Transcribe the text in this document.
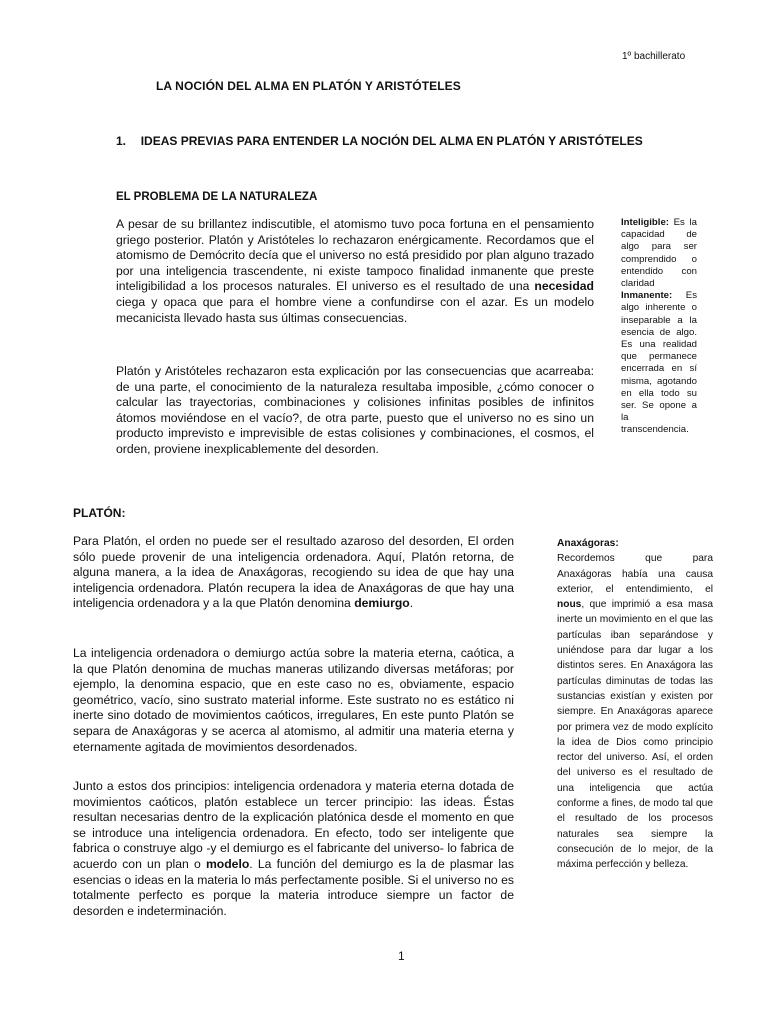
1º bachillerato
LA NOCIÓN DEL ALMA EN PLATÓN Y ARISTÓTELES
1. IDEAS PREVIAS PARA ENTENDER LA NOCIÓN DEL ALMA EN PLATÓN Y ARISTÓTELES
EL PROBLEMA DE LA NATURALEZA

A pesar de su brillantez indiscutible, el atomismo tuvo poca fortuna en el pensamiento griego posterior. Platón y Aristóteles lo rechazaron enérgicamente. Recordamos que el atomismo de Demócrito decía que el universo no está presidido por plan alguno trazado por una inteligencia trascendente, ni existe tampoco finalidad inmanente que preste inteligibilidad a los procesos naturales. El universo es el resultado de una necesidad ciega y opaca que para el hombre viene a confundirse con el azar. Es un modelo mecanicista llevado hasta sus últimas consecuencias.

Platón y Aristóteles rechazaron esta explicación por las consecuencias que acarreaba: de una parte, el conocimiento de la naturaleza resultaba imposible, ¿cómo conocer o calcular las trayectorias, combinaciones y colisiones infinitas posibles de infinitos átomos moviéndose en el vacío?, de otra parte, puesto que el universo no es sino un producto imprevisto e imprevisible de estas colisiones y combinaciones, el cosmos, el orden, proviene inexplicablemente del desorden.

Inteligible: Es la capacidad de algo para ser comprendido o entendido con claridad
Inmanente: Es algo inherente o inseparable a la esencia de algo. Es una realidad que permanece encerrada en sí misma, agotando en ella todo su ser. Se opone a la transcendencia.

PLATÓN:

Para Platón, el orden no puede ser el resultado azaroso del desorden, El orden sólo puede provenir de una inteligencia ordenadora. Aquí, Platón retorna, de alguna manera, a la idea de Anaxágoras, recogiendo su idea de que hay una inteligencia ordenadora. Platón recupera la idea de Anaxágoras de que hay una inteligencia ordenadora y a la que Platón denomina demiurgo.

La inteligencia ordenadora o demiurgo actúa sobre la materia eterna, caótica, a la que Platón denomina de muchas maneras utilizando diversas metáforas; por ejemplo, la denomina espacio, que en este caso no es, obviamente, espacio geométrico, vacío, sino sustrato material informe. Este sustrato no es estático ni inerte sino dotado de movimientos caóticos, irregulares, En este punto Platón se separa de Anaxágoras y se acerca al atomismo, al admitir una materia eterna y eternamente agitada de movimientos desordenados.

Junto a estos dos principios: inteligencia ordenadora y materia eterna dotada de movimientos caóticos, platón establece un tercer principio: las ideas. Éstas resultan necesarias dentro de la explicación platónica desde el momento en que se introduce una inteligencia ordenadora. En efecto, todo ser inteligente que fabrica o construye algo -y el demiurgo es el fabricante del universo- lo fabrica de acuerdo con un plan o modelo. La función del demiurgo es la de plasmar las esencias o ideas en la materia lo más perfectamente posible. Si el universo no es totalmente perfecto es porque la materia introduce siempre un factor de desorden e indeterminación.

Anaxágoras:
Recordemos que para Anaxágoras había una causa exterior, el entendimiento, el nous, que imprimió a esa masa inerte un movimiento en el que las partículas iban separándose y uniéndose para dar lugar a los distintos seres. En Anaxágora las partículas diminutas de todas las sustancias existían y existen por siempre. En Anaxágoras aparece por primera vez de modo explícito la idea de Dios como principio rector del universo. Así, el orden del universo es el resultado de una inteligencia que actúa conforme a fines, de modo tal que el resultado de los procesos naturales sea siempre la consecución de lo mejor, de la máxima perfección y belleza.

1
